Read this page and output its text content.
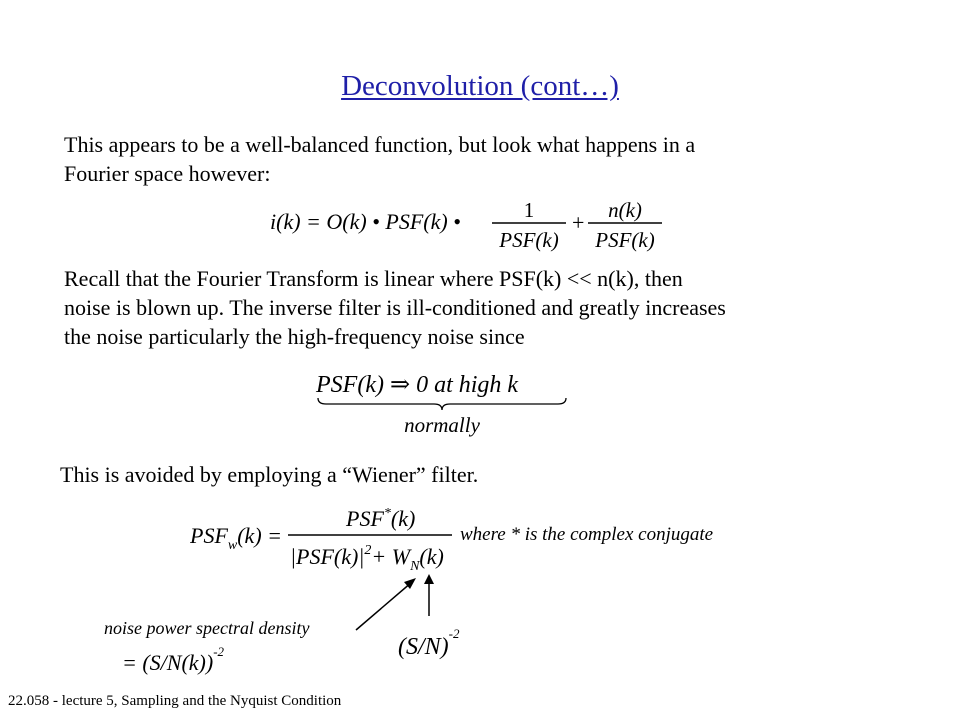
Deconvolution (cont…)
This appears to be a well-balanced function, but look what happens in a
Fourier space however:
i(k) = O(k) • PSF(k) •	1
PSF(k)
+ n(k)
PSF(k)
Recall that the Fourier Transform is linear where PSF(k) << n(k), then
noise is blown up. The inverse filter is ill-conditioned and greatly increases
the noise particularly the high-frequency noise since
PSF(k) ⇒ 0 at high k
normally
This is avoided by employing a “Wiener” filter.
$PSF_w(k)$ =
PSF*(k)
$|PSF(k)|^2+ W_N(k)$
where * is the complex conjugate
noise power spectral density
= $(S/N(k))^{-2}$	$(S/N)^{-2}$
22.058 - lecture 5, Sampling and the Nyquist Condition
